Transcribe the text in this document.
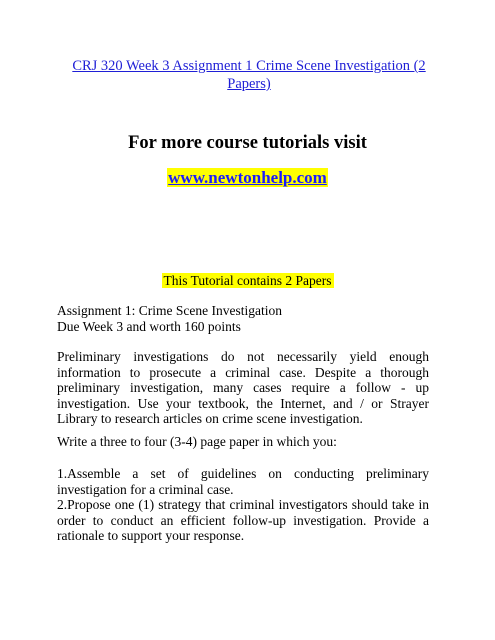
CRJ 320 Week 3 Assignment 1 Crime Scene Investigation (2 Papers)
For more course tutorials visit
www.newtonhelp.com
This Tutorial contains 2 Papers

Assignment 1: Crime Scene Investigation

Due Week 3 and worth 160 points

Preliminary investigations do not necessarily yield enough information to prosecute a criminal case. Despite a thorough preliminary investigation, many cases require a follow - up investigation. Use your textbook, the Internet, and / or Strayer Library to research articles on crime scene investigation.
Write a three to four (3-4) page paper in which you:

1.Assemble a set of guidelines on conducting preliminary investigation for a criminal case.

2.Propose one (1) strategy that criminal investigators should take in order to conduct an efficient follow-up investigation. Provide a rationale to support your response.
